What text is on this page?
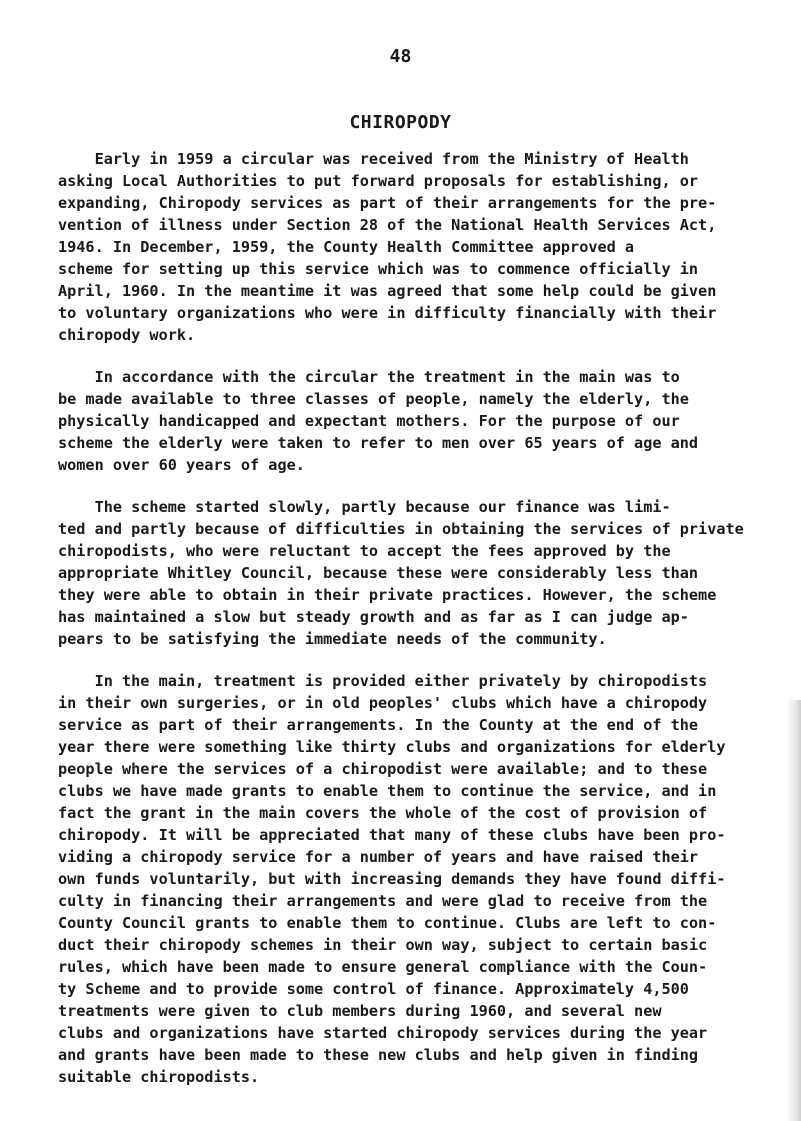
48
CHIROPODY
Early in 1959 a circular was received from the Ministry of Health
asking Local Authorities to put forward proposals for establishing, or
expanding, Chiropody services as part of their arrangements for the pre-
vention of illness under Section 28 of the National Health Services Act,
1946. In December, 1959, the County Health Committee approved a
scheme for setting up this service which was to commence officially in
April, 1960. In the meantime it was agreed that some help could be given
to voluntary organizations who were in difficulty financially with their
chiropody work.
In accordance with the circular the treatment in the main was to
be made available to three classes of people, namely the elderly, the
physically handicapped and expectant mothers. For the purpose of our
scheme the elderly were taken to refer to men over 65 years of age and
women over 60 years of age.
The scheme started slowly, partly because our finance was limi-
ted and partly because of difficulties in obtaining the services of private
chiropodists, who were reluctant to accept the fees approved by the
appropriate Whitley Council, because these were considerably less than
they were able to obtain in their private practices. However, the scheme
has maintained a slow but steady growth and as far as I can judge ap-
pears to be satisfying the immediate needs of the community.
In the main, treatment is provided either privately by chiropodists
in their own surgeries, or in old peoples' clubs which have a chiropody
service as part of their arrangements. In the County at the end of the
year there were something like thirty clubs and organizations for elderly
people where the services of a chiropodist were available; and to these
clubs we have made grants to enable them to continue the service, and in
fact the grant in the main covers the whole of the cost of provision of
chiropody. It will be appreciated that many of these clubs have been pro-
viding a chiropody service for a number of years and have raised their
own funds voluntarily, but with increasing demands they have found diffi-
culty in financing their arrangements and were glad to receive from the
County Council grants to enable them to continue. Clubs are left to con-
duct their chiropody schemes in their own way, subject to certain basic
rules, which have been made to ensure general compliance with the Coun-
ty Scheme and to provide some control of finance. Approximately 4,500
treatments were given to club members during 1960, and several new
clubs and organizations have started chiropody services during the year
and grants have been made to these new clubs and help given in finding
suitable chiropodists.
